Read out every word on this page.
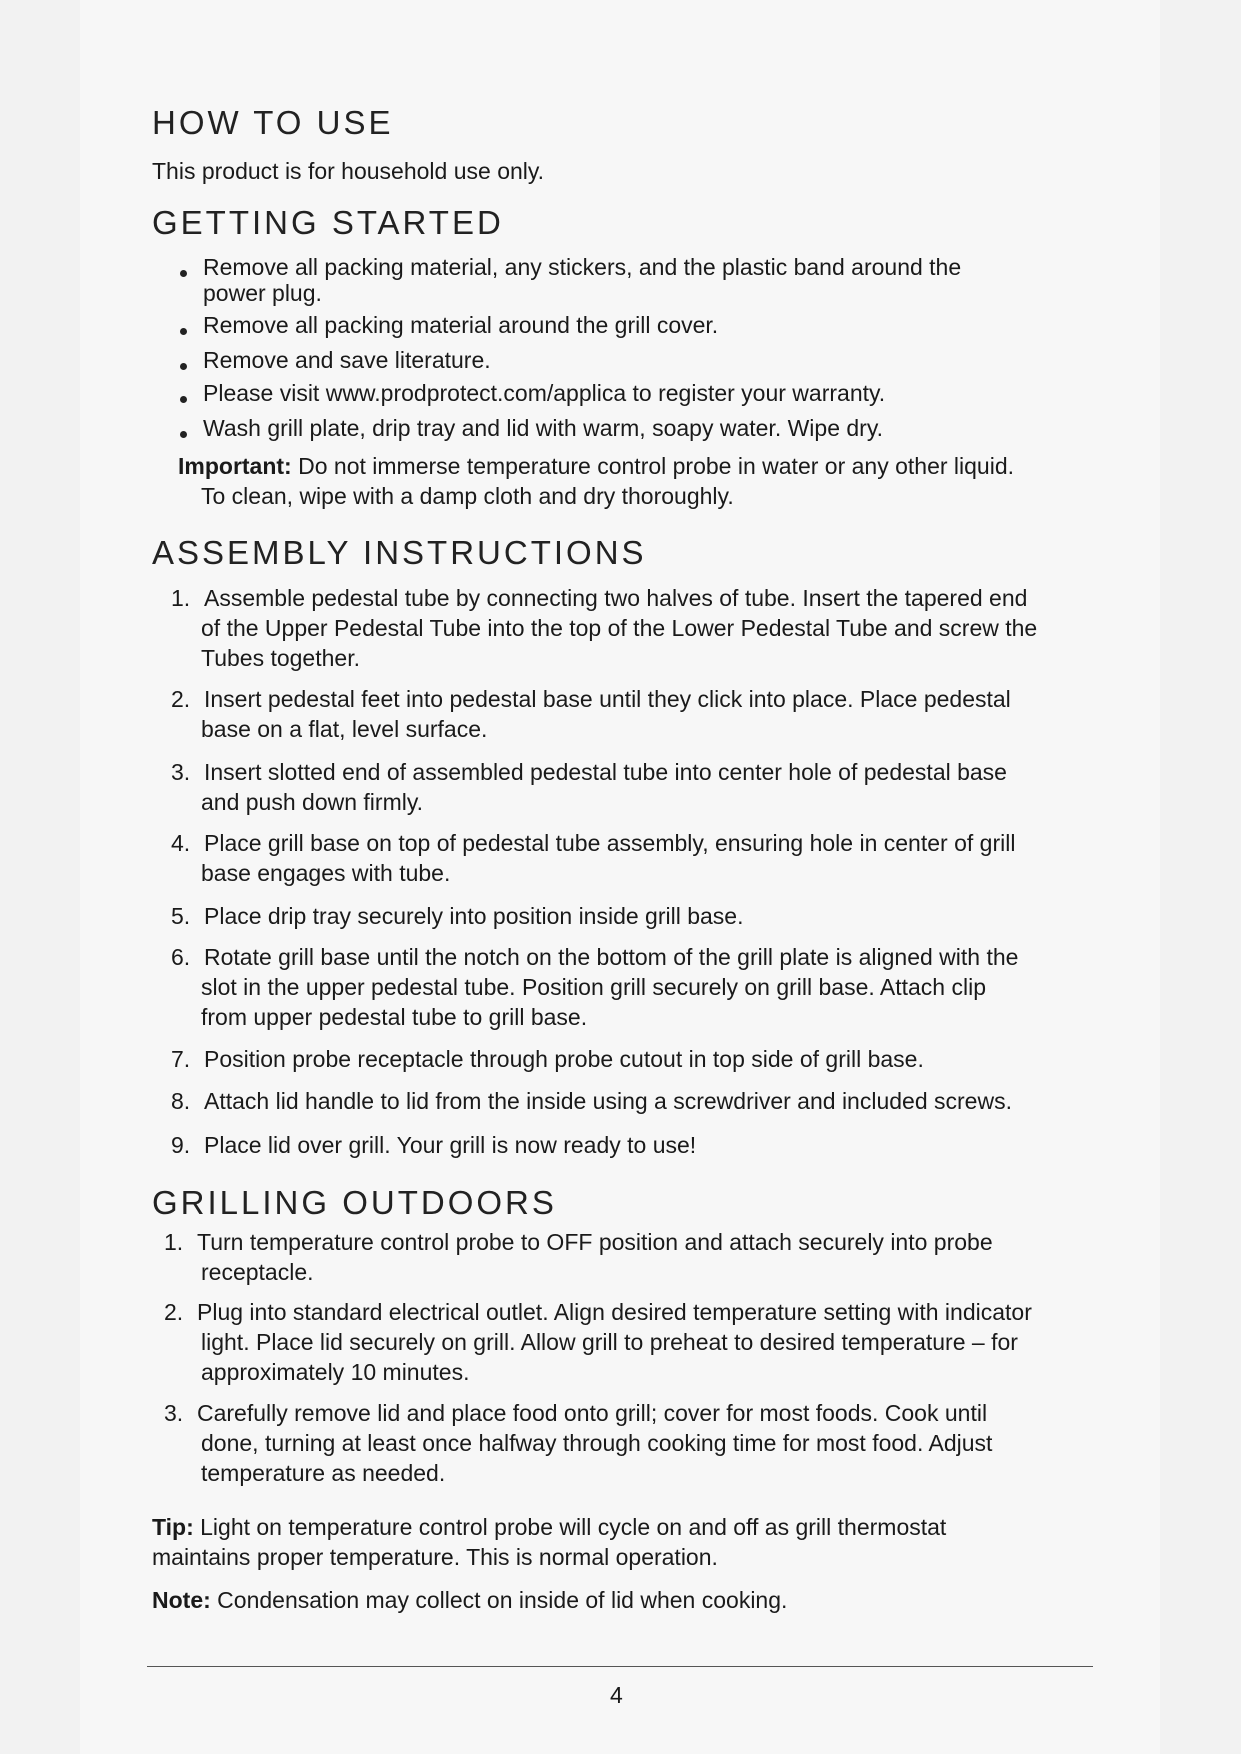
HOW TO USE
This product is for household use only.
GETTING STARTED
Remove all packing material, any stickers, and the plastic band around the
power plug.
Remove all packing material around the grill cover.
Remove and save literature.
Please visit www.prodprotect.com/applica to register your warranty.
Wash grill plate, drip tray and lid with warm, soapy water. Wipe dry.
Important: Do not immerse temperature control probe in water or any other liquid.
To clean, wipe with a damp cloth and dry thoroughly.
ASSEMBLY INSTRUCTIONS
1. Assemble pedestal tube by connecting two halves of tube. Insert the tapered end
of the Upper Pedestal Tube into the top of the Lower Pedestal Tube and screw the
Tubes together.
2. Insert pedestal feet into pedestal base until they click into place. Place pedestal
base on a flat, level surface.
3. Insert slotted end of assembled pedestal tube into center hole of pedestal base
and push down firmly.
4. Place grill base on top of pedestal tube assembly, ensuring hole in center of grill
base engages with tube.
5. Place drip tray securely into position inside grill base.
6. Rotate grill base until the notch on the bottom of the grill plate is aligned with the
slot in the upper pedestal tube. Position grill securely on grill base. Attach clip
from upper pedestal tube to grill base.
7. Position probe receptacle through probe cutout in top side of grill base.
8. Attach lid handle to lid from the inside using a screwdriver and included screws.
9. Place lid over grill. Your grill is now ready to use!
GRILLING OUTDOORS
1. Turn temperature control probe to OFF position and attach securely into probe
receptacle.
2. Plug into standard electrical outlet. Align desired temperature setting with indicator
light. Place lid securely on grill. Allow grill to preheat to desired temperature – for
approximately 10 minutes.
3. Carefully remove lid and place food onto grill; cover for most foods. Cook until
done, turning at least once halfway through cooking time for most food. Adjust
temperature as needed.
Tip: Light on temperature control probe will cycle on and off as grill thermostat
maintains proper temperature. This is normal operation.
Note: Condensation may collect on inside of lid when cooking.
4
